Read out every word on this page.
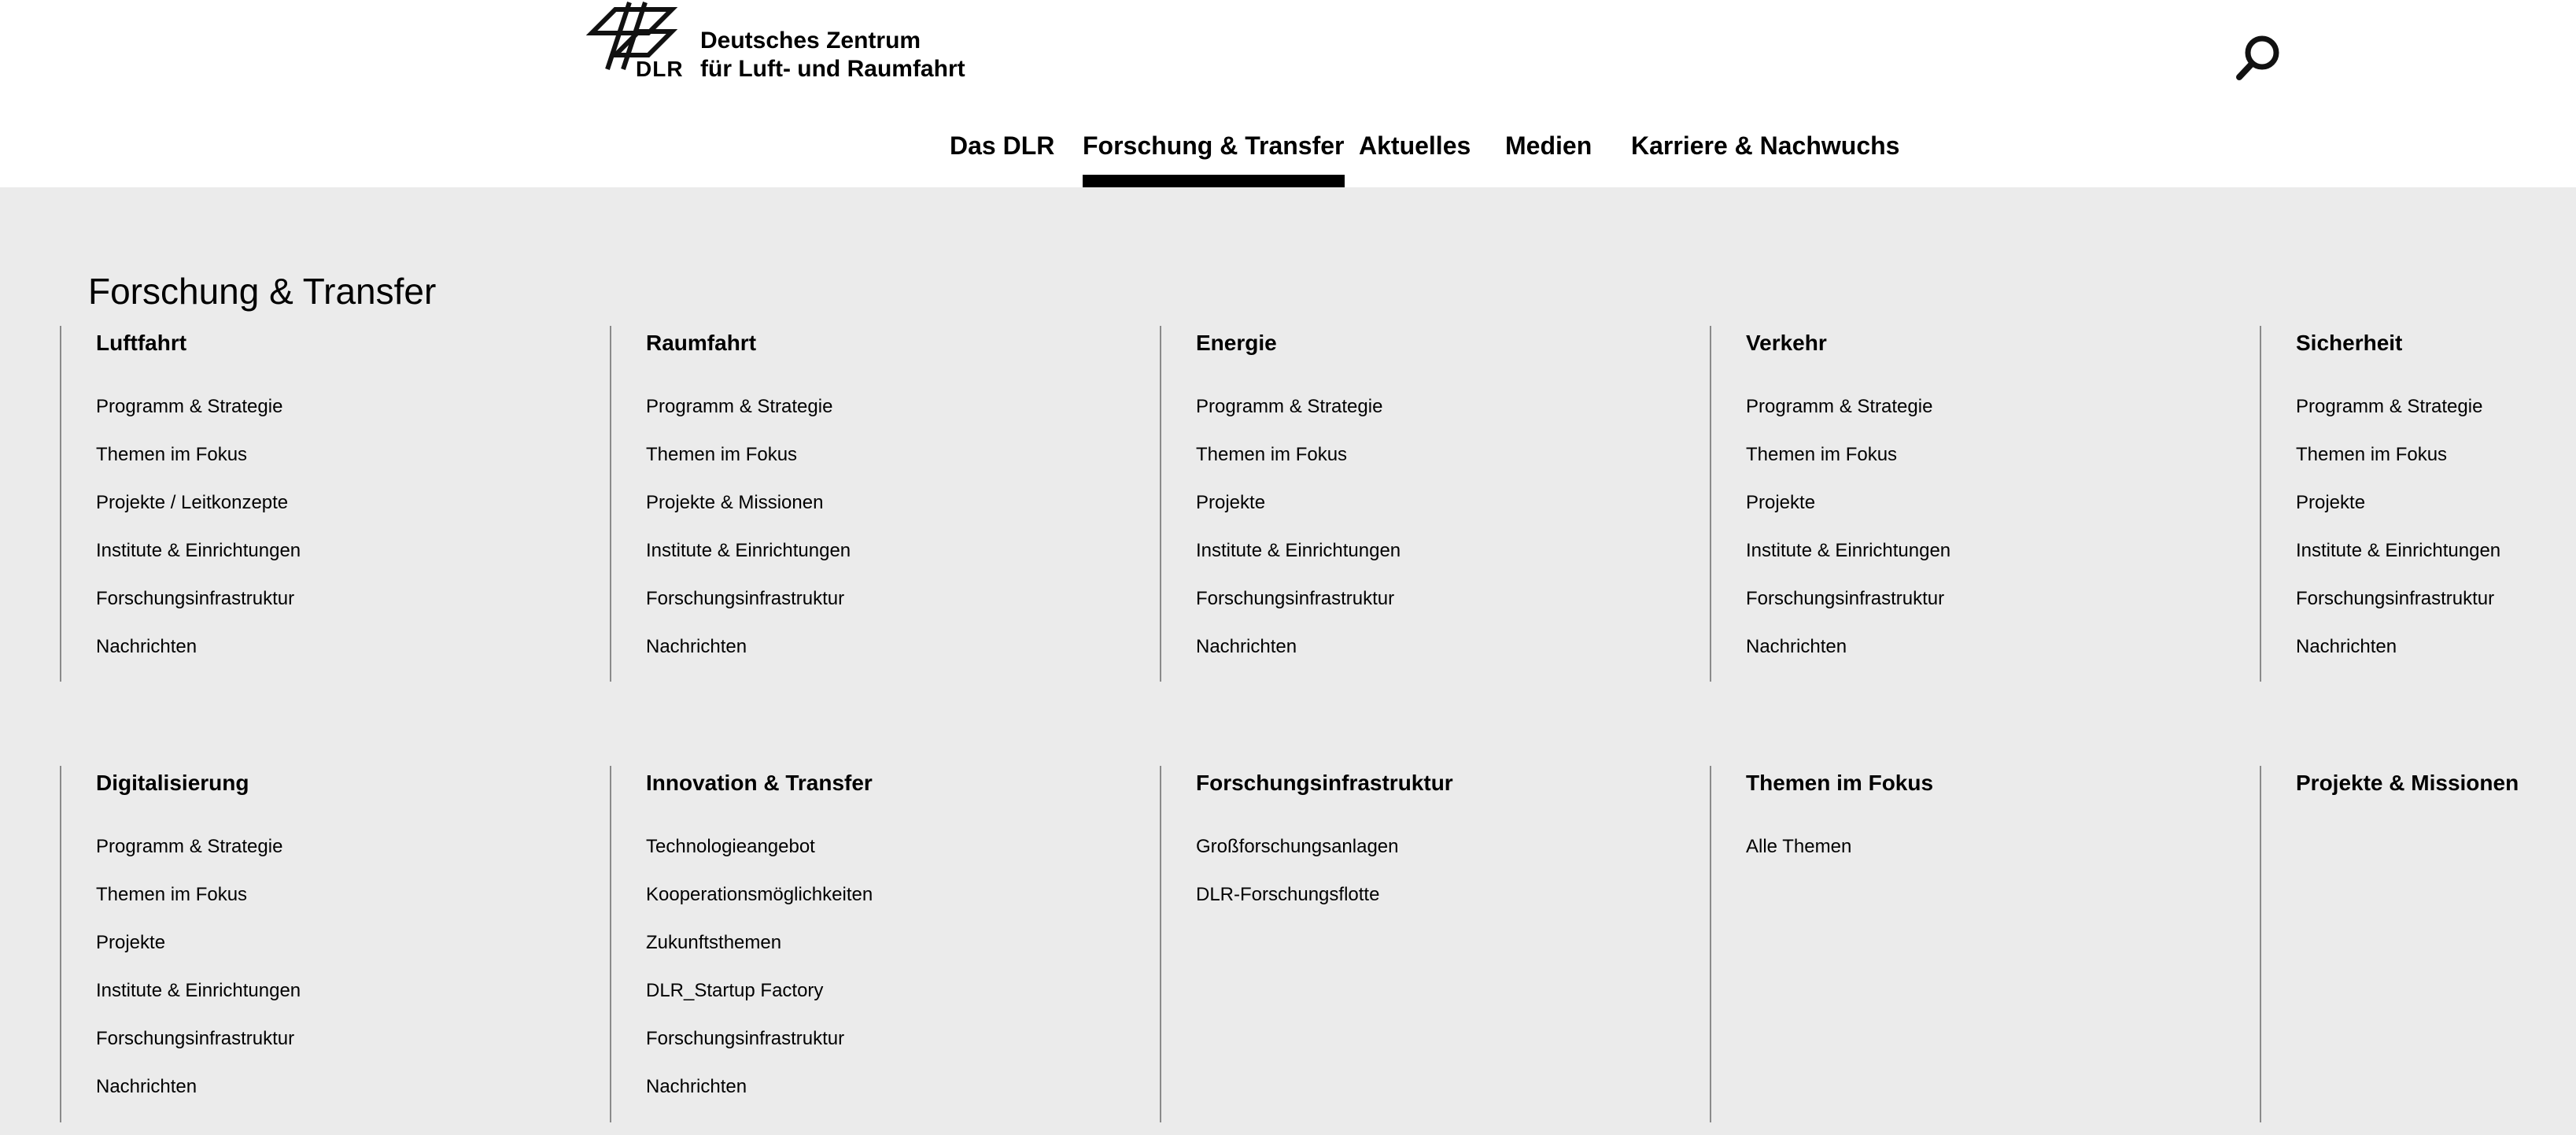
DLR
Deutsches Zentrum
für Luft- und Raumfahrt
Das DLR Forschung & Transfer Aktuelles Medien Karriere & Nachwuchs
Forschung & Transfer
Luftfahrt
Programm & Strategie
Themen im Fokus
Projekte / Leitkonzepte
Institute & Einrichtungen
Forschungsinfrastruktur
Nachrichten
Raumfahrt
Programm & Strategie
Themen im Fokus
Projekte & Missionen
Institute & Einrichtungen
Forschungsinfrastruktur
Nachrichten
Energie
Programm & Strategie
Themen im Fokus
Projekte
Institute & Einrichtungen
Forschungsinfrastruktur
Nachrichten
Verkehr
Programm & Strategie
Themen im Fokus
Projekte
Institute & Einrichtungen
Forschungsinfrastruktur
Nachrichten
Sicherheit
Programm & Strategie
Themen im Fokus
Projekte
Institute & Einrichtungen
Forschungsinfrastruktur
Nachrichten
Digitalisierung
Programm & Strategie
Themen im Fokus
Projekte
Institute & Einrichtungen
Forschungsinfrastruktur
Nachrichten
Innovation & Transfer
Technologieangebot
Kooperationsmöglichkeiten
Zukunftsthemen
DLR_Startup Factory
Forschungsinfrastruktur
Nachrichten
Forschungsinfrastruktur
Großforschungsanlagen
DLR-Forschungsflotte
Themen im Fokus
Alle Themen
Projekte & Missionen
